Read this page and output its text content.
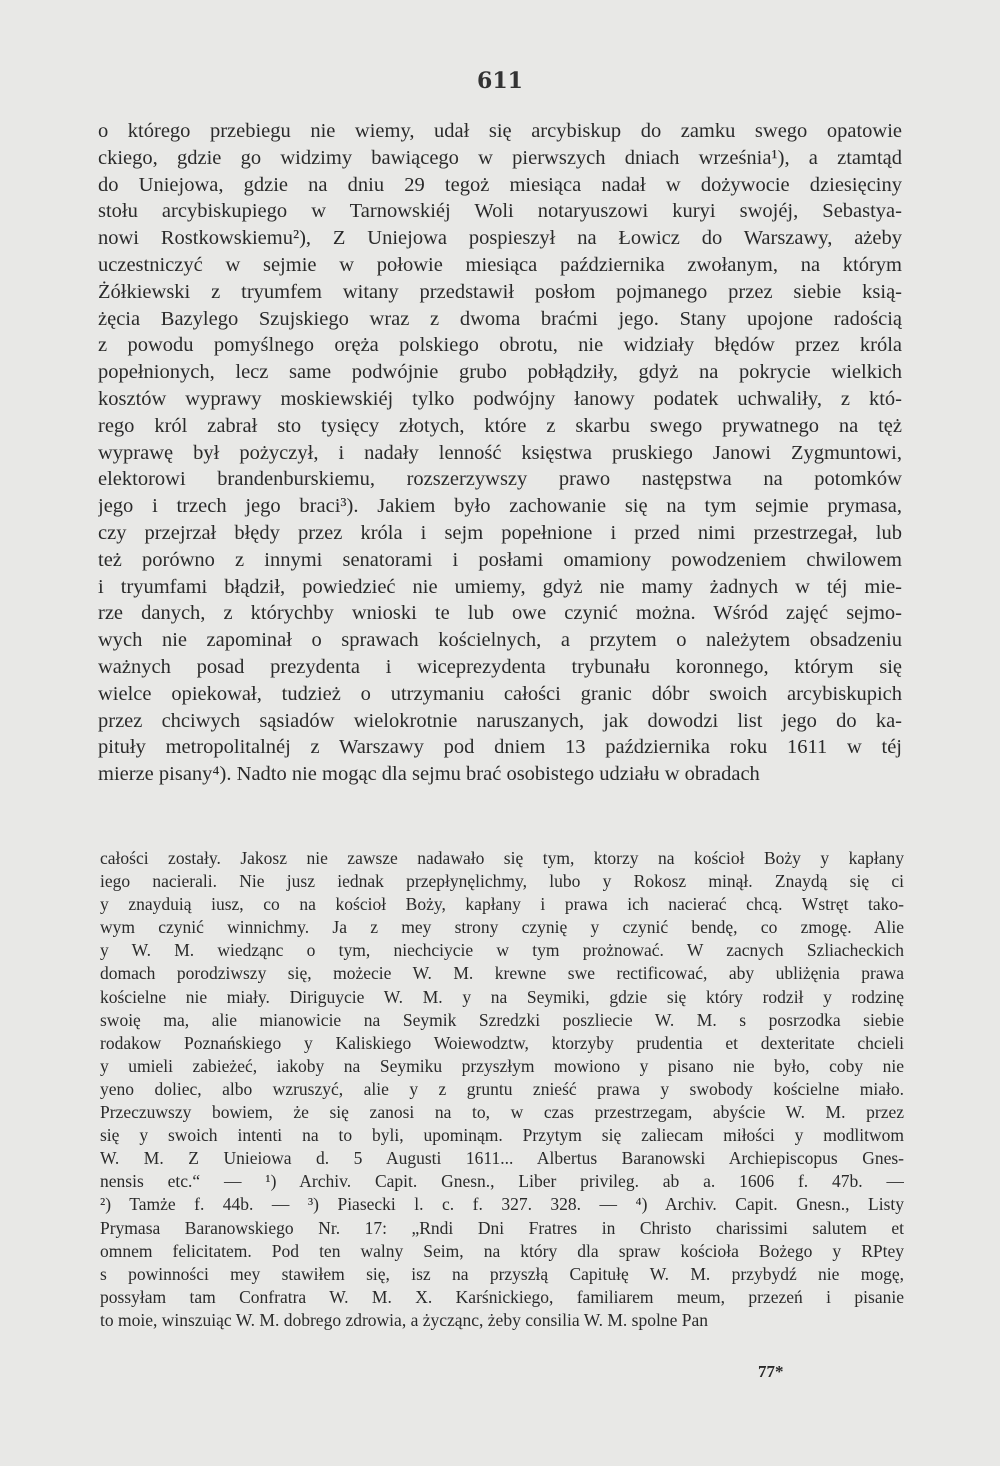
611
o którego przebiegu nie wiemy, udał się arcybiskup do zamku swego opatowie
ckiego, gdzie go widzimy bawiącego w pierwszych dniach września¹), a ztamtąd
do Uniejowa, gdzie na dniu 29 tegoż miesiąca nadał w dożywocie dziesięciny
stołu arcybiskupiego w Tarnowskiéj Woli notaryuszowi kuryi swojéj, Sebastya-
nowi Rostkowskiemu²), Z Uniejowa pospieszył na Łowicz do Warszawy, ażeby
uczestniczyć w sejmie w połowie miesiąca października zwołanym, na którym
Żółkiewski z tryumfem witany przedstawił posłom pojmanego przez siebie ksią-
żęcia Bazylego Szujskiego wraz z dwoma braćmi jego. Stany upojone radością
z powodu pomyślnego oręża polskiego obrotu, nie widziały błędów przez króla
popełnionych, lecz same podwójnie grubo pobłądziły, gdyż na pokrycie wielkich
kosztów wyprawy moskiewskiéj tylko podwójny łanowy podatek uchwaliły, z któ-
rego król zabrał sto tysięcy złotych, które z skarbu swego prywatnego na tęż
wyprawę był pożyczył, i nadały lenność księstwa pruskiego Janowi Zygmuntowi,
elektorowi brandenburskiemu, rozszerzywszy prawo następstwa na potomków
jego i trzech jego braci³). Jakiem było zachowanie się na tym sejmie prymasa,
czy przejrzał błędy przez króla i sejm popełnione i przed nimi przestrzegał, lub
też porówno z innymi senatorami i posłami omamiony powodzeniem chwilowem
i tryumfami błądził, powiedzieć nie umiemy, gdyż nie mamy żadnych w téj mie-
rze danych, z którychby wnioski te lub owe czynić można. Wśród zajęć sejmo-
wych nie zapominał o sprawach kościelnych, a przytem o należytem obsadzeniu
ważnych posad prezydenta i wiceprezydenta trybunału koronnego, którym się
wielce opiekował, tudzież o utrzymaniu całości granic dóbr swoich arcybiskupich
przez chciwych sąsiadów wielokrotnie naruszanych, jak dowodzi list jego do ka-
pituły metropolitalnéj z Warszawy pod dniem 13 października roku 1611 w téj
mierze pisany⁴). Nadto nie mogąc dla sejmu brać osobistego udziału w obradach
całości zostały. Jakosz nie zawsze nadawało się tym, ktorzy na kościoł Boży y kapłany
iego nacierali. Nie jusz iednak przepłynęlichmy, lubo y Rokosz minął. Znaydą się ci
y znayduią iusz, co na kościoł Boży, kapłany i prawa ich nacierać chcą. Wstręt tako-
wym czynić winnichmy. Ja z mey strony czynię y czynić bendę, co zmogę. Alie
y W. M. wiedząnc o tym, niechciycie w tym prożnować. W zacnych Szliacheckich
domach porodziwszy się, możecie W. M. krewne swe rectificować, aby ubliżęnia prawa
kościelne nie miały. Diriguycie W. M. y na Seymiki, gdzie się który rodził y rodzinę
swoię ma, alie mianowicie na Seymik Szredzki poszliecie W. M. s posrzodka siebie
rodakow Poznańskiego y Kaliskiego Woiewodztw, ktorzyby prudentia et dexteritate chcieli
y umieli zabieżeć, iakoby na Seymiku przyszłym mowiono y pisano nie było, coby nie
yeno doliec, albo wzruszyć, alie y z gruntu znieść prawa y swobody kościelne miało.
Przeczuwszy bowiem, że się zanosi na to, w czas przestrzegam, abyście W. M. przez
się y swoich intenti na to byli, upominąm. Przytym się zaliecam miłości y modlitwom
W. M. Z Unieiowa d. 5 Augusti 1611... Albertus Baranowski Archiepiscopus Gnes-
nensis etc.“ — ¹) Archiv. Capit. Gnesn., Liber privileg. ab a. 1606 f. 47b. —
²) Tamże f. 44b. — ³) Piasecki l. c. f. 327. 328. — ⁴) Archiv. Capit. Gnesn., Listy
Prymasa Baranowskiego Nr. 17: „Rndi Dni Fratres in Christo charissimi salutem et
omnem felicitatem. Pod ten walny Seim, na który dla spraw kościoła Bożego y RPtey
s powinności mey stawiłem się, isz na przyszłą Capitułę W. M. przybydź nie mogę,
possyłam tam Confratra W. M. X. Karśnickiego, familiarem meum, przezeń i pisanie
to moie, winszuiąc W. M. dobrego zdrowia, a życząnc, żeby consilia W. M. spolne Pan
77*
